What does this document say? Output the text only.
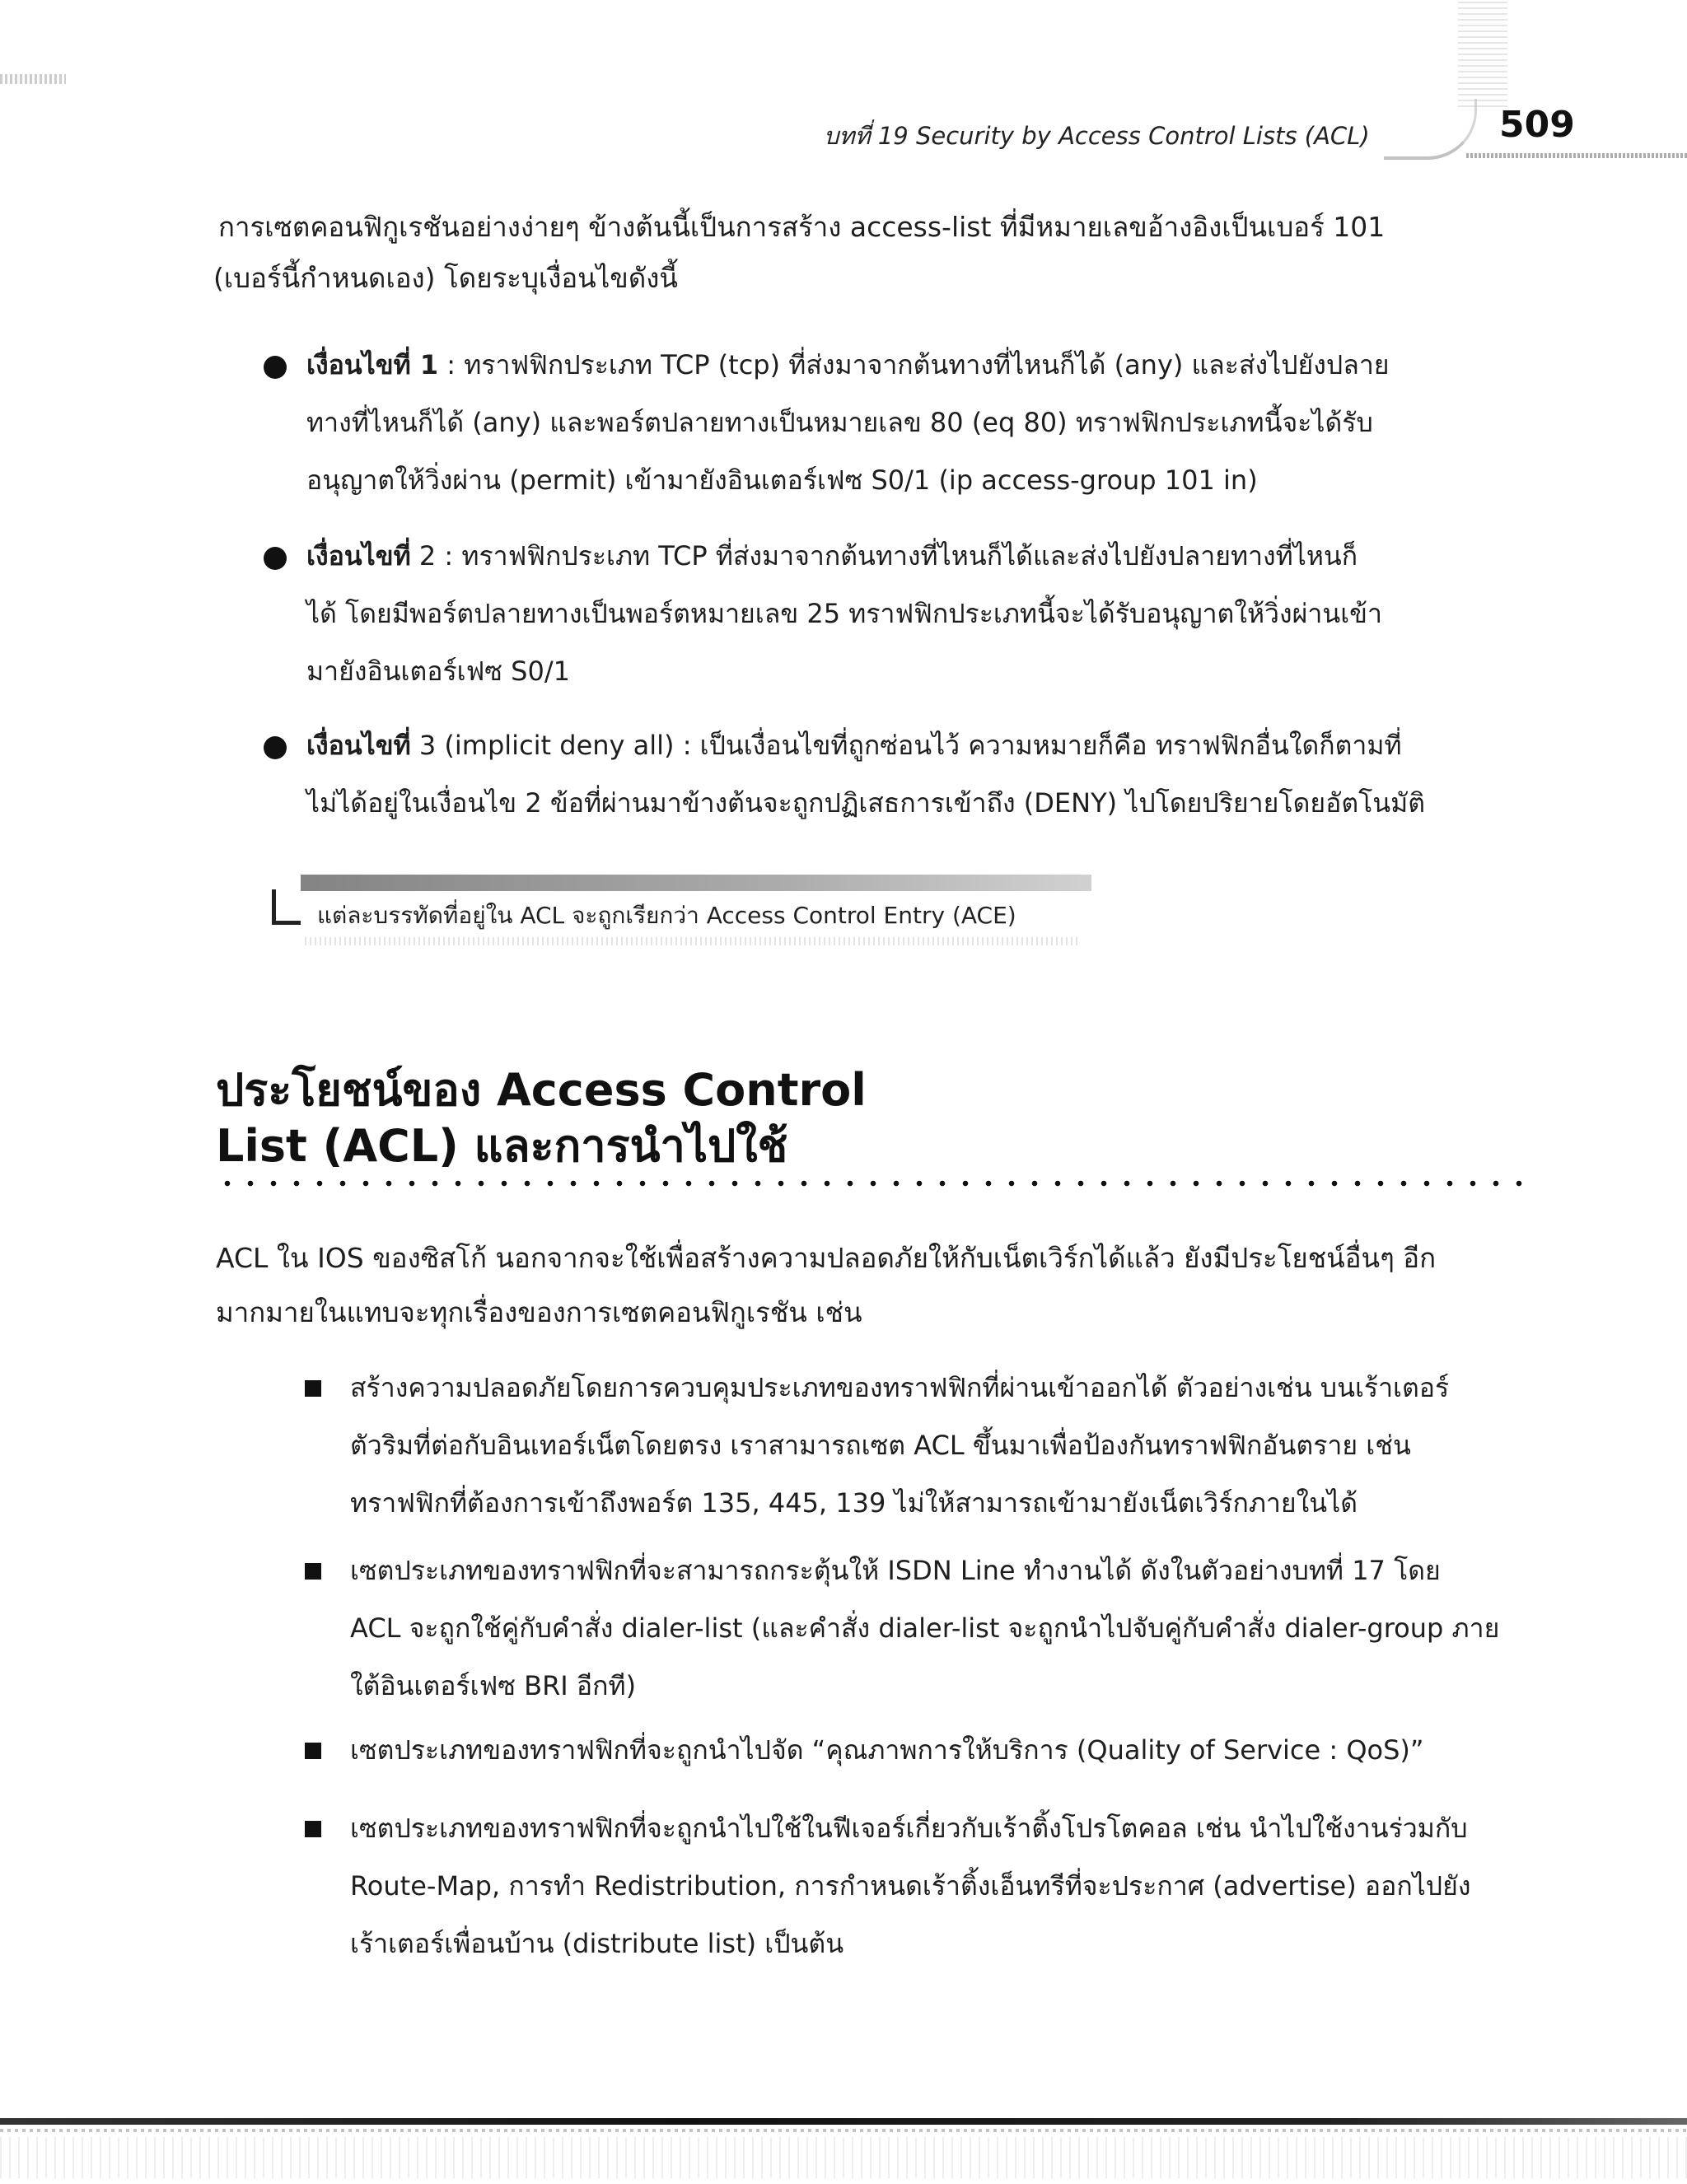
บทที่ 19 Security by Access Control Lists (ACL)	509
การเซตคอนฟิกูเรชันอย่างง่ายๆ ข้างต้นนี้เป็นการสร้าง access-list ที่มีหมายเลขอ้างอิงเป็นเบอร์ 101
(เบอร์นี้กำหนดเอง) โดยระบุเงื่อนไขดังนี้
เงื่อนไขที่ 1 : ทราฟฟิกประเภท TCP (tcp) ที่ส่งมาจากต้นทางที่ไหนก็ได้ (any) และส่งไปยังปลาย
ทางที่ไหนก็ได้ (any) และพอร์ตปลายทางเป็นหมายเลข 80 (eq 80) ทราฟฟิกประเภทนี้จะได้รับ
อนุญาตให้วิ่งผ่าน (permit) เข้ามายังอินเตอร์เฟซ S0/1 (ip access-group 101 in)
เงื่อนไขที่ 2 : ทราฟฟิกประเภท TCP ที่ส่งมาจากต้นทางที่ไหนก็ได้และส่งไปยังปลายทางที่ไหนก็
ได้ โดยมีพอร์ตปลายทางเป็นพอร์ตหมายเลข 25 ทราฟฟิกประเภทนี้จะได้รับอนุญาตให้วิ่งผ่านเข้า
มายังอินเตอร์เฟซ S0/1
เงื่อนไขที่ 3 (implicit deny all) : เป็นเงื่อนไขที่ถูกซ่อนไว้ ความหมายก็คือ ทราฟฟิกอื่นใดก็ตามที่
ไม่ได้อยู่ในเงื่อนไข 2 ข้อที่ผ่านมาข้างต้นจะถูกปฏิเสธการเข้าถึง (DENY) ไปโดยปริยายโดยอัตโนมัติ
แต่ละบรรทัดที่อยู่ใน ACL จะถูกเรียกว่า Access Control Entry (ACE)
ประโยชน์ของ Access Control
List (ACL) และการนำไปใช้
ACL ใน IOS ของซิสโก้ นอกจากจะใช้เพื่อสร้างความปลอดภัยให้กับเน็ตเวิร์กได้แล้ว ยังมีประโยชน์อื่นๆ อีก
มากมายในแทบจะทุกเรื่องของการเซตคอนฟิกูเรชัน เช่น
สร้างความปลอดภัยโดยการควบคุมประเภทของทราฟฟิกที่ผ่านเข้าออกได้ ตัวอย่างเช่น บนเร้าเตอร์
ตัวริมที่ต่อกับอินเทอร์เน็ตโดยตรง เราสามารถเซต ACL ขึ้นมาเพื่อป้องกันทราฟฟิกอันตราย เช่น
ทราฟฟิกที่ต้องการเข้าถึงพอร์ต 135, 445, 139 ไม่ให้สามารถเข้ามายังเน็ตเวิร์กภายในได้
เซตประเภทของทราฟฟิกที่จะสามารถกระตุ้นให้ ISDN Line ทำงานได้ ดังในตัวอย่างบทที่ 17 โดย
ACL จะถูกใช้คู่กับคำสั่ง dialer-list (และคำสั่ง dialer-list จะถูกนำไปจับคู่กับคำสั่ง dialer-group ภาย
ใต้อินเตอร์เฟซ BRI อีกที)
เซตประเภทของทราฟฟิกที่จะถูกนำไปจัด “คุณภาพการให้บริการ (Quality of Service : QoS)”
เซตประเภทของทราฟฟิกที่จะถูกนำไปใช้ในฟีเจอร์เกี่ยวกับเร้าติ้งโปรโตคอล เช่น นำไปใช้งานร่วมกับ
Route-Map, การทำ Redistribution, การกำหนดเร้าติ้งเอ็นทรีที่จะประกาศ (advertise) ออกไปยัง
เร้าเตอร์เพื่อนบ้าน (distribute list) เป็นต้น
